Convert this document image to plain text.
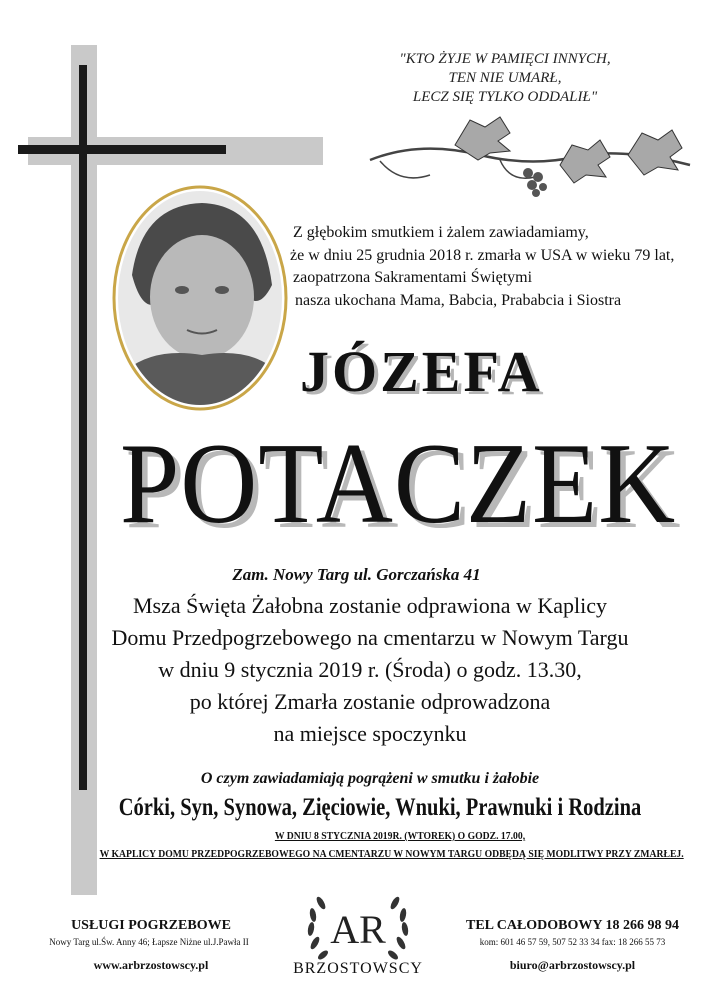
"KTO ŻYJE W PAMIĘCI INNYCH,
TEN NIE UMARŁ,
LECZ SIĘ TYLKO ODDALIŁ"
Z głębokim smutkiem i żalem zawiadamiamy,
że w dniu 25 grudnia 2018 r. zmarła w USA w wieku 79 lat,
zaopatrzona Sakramentami Świętymi
nasza ukochana Mama, Babcia, Prababcia i Siostra
JÓZEFA
POTACZEK
Zam. Nowy Targ ul. Gorczańska 41
Msza Święta Żałobna zostanie odprawiona w Kaplicy
Domu Przedpogrzebowego na cmentarzu w Nowym Targu
w dniu 9 stycznia 2019 r. (Środa) o godz. 13.30,
po której Zmarła zostanie odprowadzona
na miejsce spoczynku
O czym zawiadamiają pogrążeni w smutku i żałobie
Córki, Syn, Synowa, Zięciowie, Wnuki, Prawnuki i Rodzina
W DNIU 8 STYCZNIA 2019R. (WTOREK) O GODZ. 17.00,
W KAPLICY DOMU PRZEDPOGRZEBOWEGO NA CMENTARZU W NOWYM TARGU ODBĘDĄ SIĘ MODLITWY PRZY ZMARŁEJ.
USŁUGI POGRZEBOWE
Nowy Targ ul.Św. Anny 46; Łapsze Niżne ul.J.Pawła II
www.arbrzostowscy.pl
AR
BRZOSTOWSCY
TEL CAŁODOBOWY 18 266 98 94
kom: 601 46 57 59, 507 52 33 34 fax: 18 266 55 73
biuro@arbrzostowscy.pl
